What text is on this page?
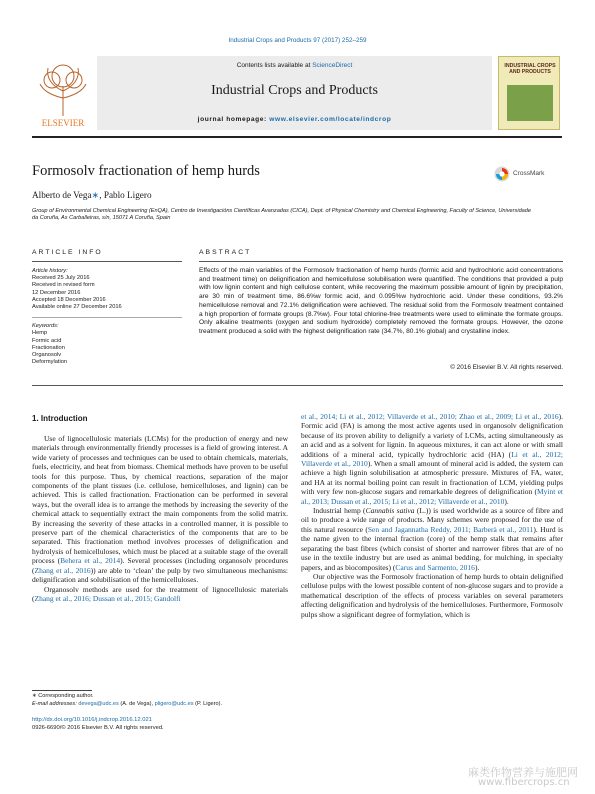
Industrial Crops and Products 97 (2017) 252–259
ELSEVIER
Contents lists available at ScienceDirect
Industrial Crops and Products
journal homepage: www.elsevier.com/locate/indcrop
INDUSTRIAL CROPS AND PRODUCTS
Formosolv fractionation of hemp hurds	CrossMark
Alberto de Vega∗, Pablo Ligero
Group of Environmental Chemical Engineering (EnQA), Centro de Investigacións Científicas Avanzadas (CICA), Dept. of Physical Chemistry and Chemical Engineering, Faculty of Science, Universidade da Coruña, As Carballeiras, s/n, 15071 A Coruña, Spain
ARTICLE INFO	ABSTRACT
Article history:
Received 25 July 2016
Received in revised form
12 December 2016
Accepted 18 December 2016
Available online 27 December 2016
Keywords:
Hemp
Formic acid
Fractionation
Organosolv
Deformylation
Effects of the main variables of the Formosolv fractionation of hemp hurds (formic acid and hydrochloric acid concentrations and treatment time) on delignification and hemicellulose solubilisation were quantified. The conditions that provided a pulp with low lignin content and high cellulose content, while recovering the maximum possible amount of lignin by precipitation, are 30 min of treatment time, 86.6%w formic acid, and 0.095%w hydrochloric acid. Under these conditions, 93.2% hemicellulose removal and 72.1% delignification were achieved. The residual solid from the Formosolv treatment contained a high proportion of formate groups (8.7%w). Four total chlorine-free treatments were used to eliminate the formate groups. Only alkaline treatments (oxygen and sodium hydroxide) completely removed the formate groups. However, the ozone treatment produced a solid with the highest delignification rate (34.7%, 80.1% global) and crystalline index.
© 2016 Elsevier B.V. All rights reserved.
1. Introduction

Use of lignocellulosic materials (LCMs) for the production of energy and new materials through environmentally friendly processes is a field of growing interest. A wide variety of processes and techniques can be used to obtain chemicals, materials, fuels, electricity, and heat from biomass. Chemical methods have proven to be useful tools for this purpose. Thus, by chemical reactions, separation of the major components of the plant tissues (i.e. cellulose, hemicelluloses, and lignin) can be achieved. This is called fractionation. Fractionation can be performed in several ways, but the overall idea is to arrange the methods by increasing the severity of the chemical attack to sequentially extract the main components from the solid matrix. By increasing the severity of these attacks in a controlled manner, it is possible to preserve part of the chemical characteristics of the components that are to be separated. This fractionation method involves processes of delignification and hydrolysis of hemicelluloses, which must be placed at a suitable stage of the overall process (Behera et al., 2014). Several processes (including organosolv procedures (Zhang et al., 2016)) are able to ‘clean’ the pulp by two simultaneous mechanisms: delignification and solubilisation of the hemicelluloses.

Organosolv methods are used for the treatment of lignocellulosic materials (Zhang et al., 2016; Dussan et al., 2015; Gandolfi

et al., 2014; Li et al., 2012; Villaverde et al., 2010; Zhao et al., 2009; Li et al., 2016). Formic acid (FA) is among the most active agents used in organosolv delignification because of its proven ability to delignify a variety of LCMs, acting simultaneously as an acid and as a solvent for lignin. In aqueous mixtures, it can act alone or with small additions of a mineral acid, typically hydrochloric acid (HA) (Li et al., 2012; Villaverde et al., 2010). When a small amount of mineral acid is added, the system can achieve a high lignin solubilisation at atmospheric pressure. Mixtures of FA, water, and HA at its normal boiling point can result in fractionation of LCM, yielding pulps with very few non-glucose sugars and remarkable degrees of delignification (Myint et al., 2013; Dussan et al., 2015; Li et al., 2012; Villaverde et al., 2010).

Industrial hemp (Cannabis sativa (L.)) is used worldwide as a source of fibre and oil to produce a wide range of products. Many schemes were proposed for the use of this natural resource (Sen and Jagannatha Reddy, 2011; Barberà et al., 2011). Hurd is the name given to the internal fraction (core) of the hemp stalk that remains after separating the bast fibres (which consist of shorter and narrower fibres that are of no use in the textile industry but are used as animal bedding, for mulching, in specialty papers, and as biocomposites) (Carus and Sarmento, 2016).

Our objective was the Formosolv fractionation of hemp hurds to obtain delignified cellulose pulps with the lowest possible content of non-glucose sugars and to provide a mathematical description of the effects of process variables on several parameters affecting delignification and hydrolysis of the hemicelluloses. Furthermore, Formosolv pulps show a significant degree of formylation, which is

∗ Corresponding author.
E-mail addresses: devega@udc.es (A. de Vega), pligero@udc.es (P. Ligero).
http://dx.doi.org/10.1016/j.indcrop.2016.12.021
0926-6690/© 2016 Elsevier B.V. All rights reserved.
麻类作物营养与施肥网
www.fibercrops.cn
